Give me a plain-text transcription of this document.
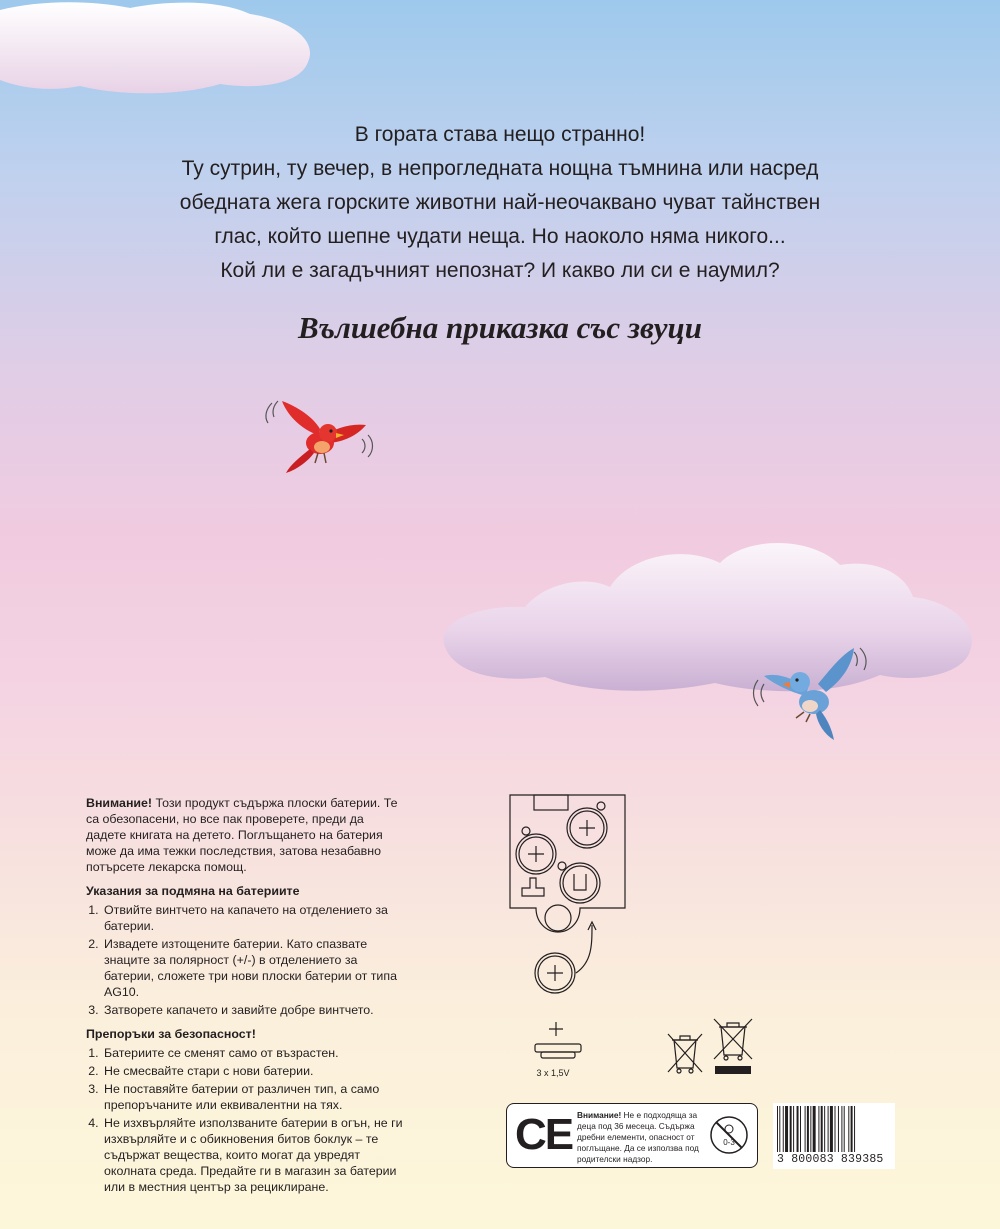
В гората става нещо странно!

Ту сутрин, ту вечер, в непрогледната нощна тъмнина или насред

обедната жега горските животни най-неочаквано чуват тайнствен

глас, който шепне чудати неща. Но наоколо няма никого...

Кой ли е загадъчният непознат? И какво ли си е наумил?

Вълшебна приказка със звуци

Внимание! Този продукт съдържа плоски батерии. Те са обезопасени, но все пак проверете, преди да дадете книгата на детето. Поглъщането на батерия може да има тежки последствия, затова незабавно потърсете лекарска помощ.

Указания за подмяна на батериите
1. Отвийте винтчето на капачето на отделението за батерии.
2. Извадете изтощените батерии. Като спазвате знаците за полярност (+/-) в отделението за батерии, сложете три нови плоски батерии от типа AG10.
3. Затворете капачето и завийте добре винтчето.
Препоръки за безопасност!
1. Батериите се сменят само от възрастен.
2. Не смесвайте стари с нови батерии.
3. Не поставяйте батерии от различен тип, а само препоръчаните или еквивалентни на тях.
4. Не изхвърляйте използваните батерии в огън, не ги изхвърляйте и с обикновения битов боклук – те съдържат вещества, които могат да увредят околната среда. Предайте ги в магазин за батерии или в местния център за рециклиране.
3 х 1,5V
CE Внимание! Не е подходяща за деца под 36 месеца. Съдържа дребни елементи, опасност от поглъщане. Да се използва под родителски надзор.
0-3
3 800083 839385
